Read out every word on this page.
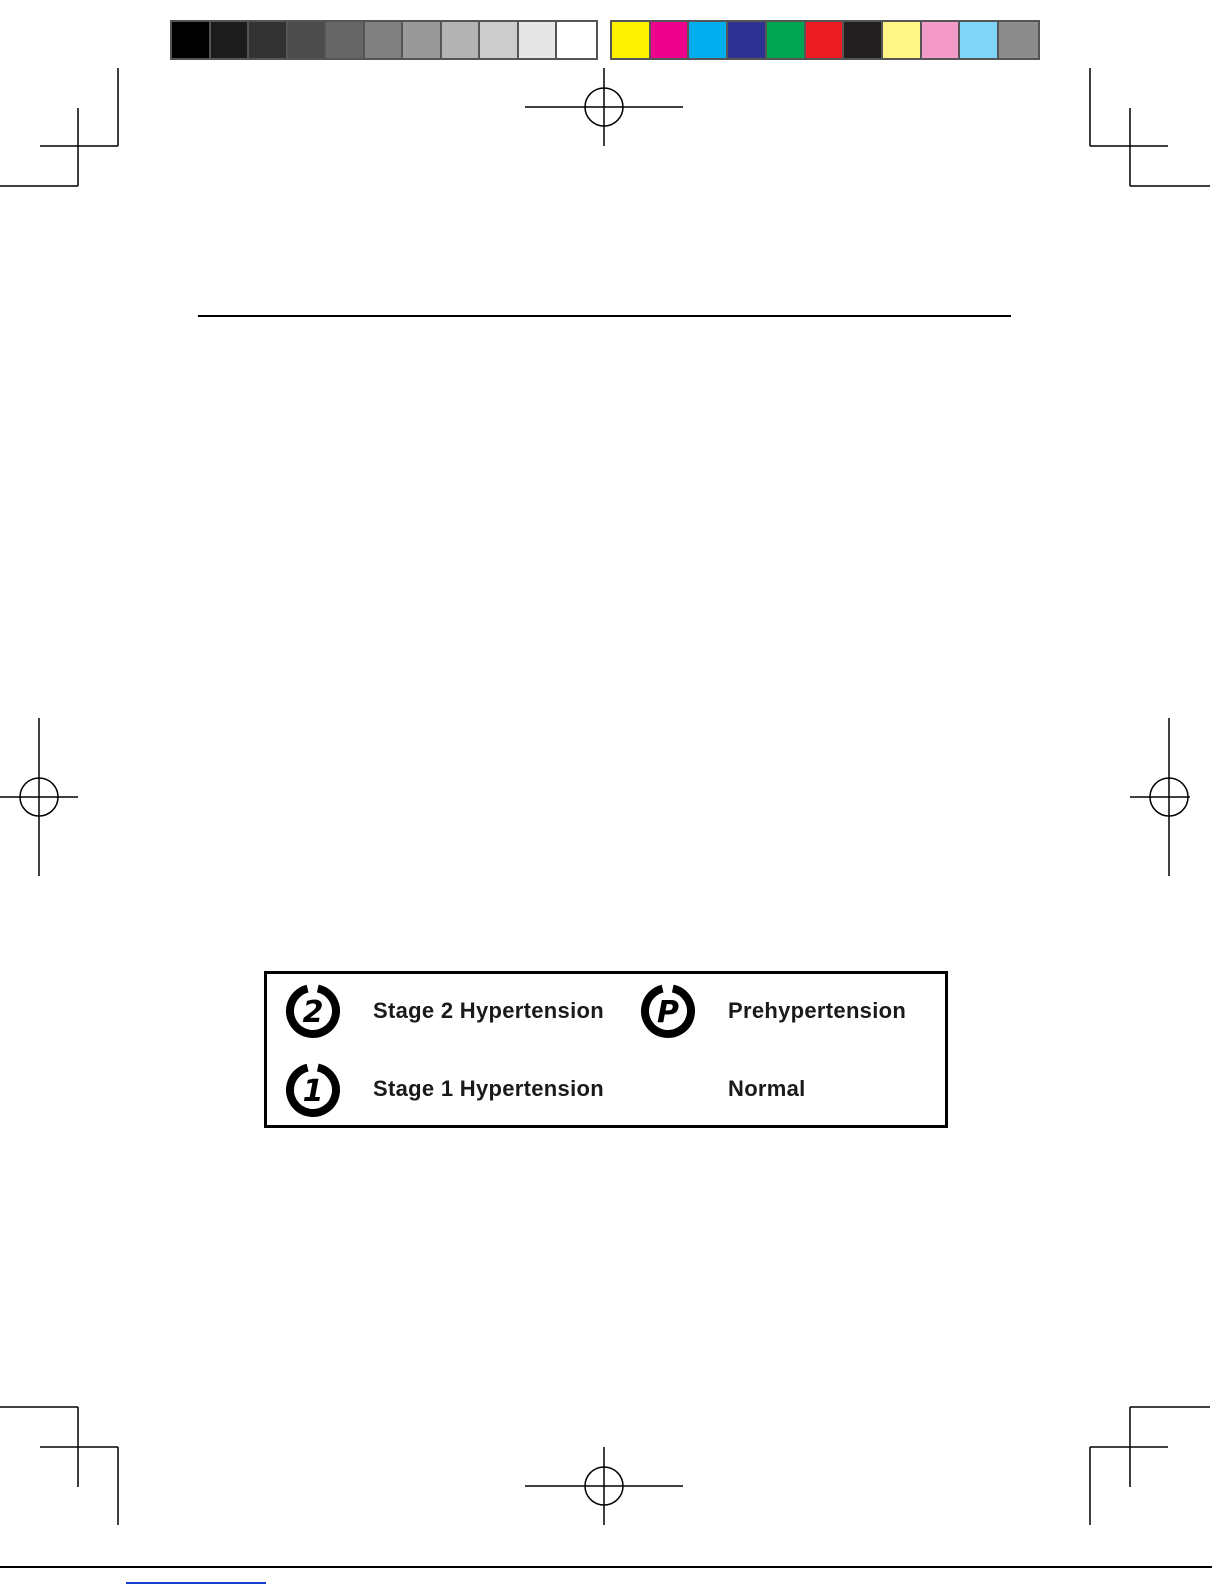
2 Stage 2 Hypertension P Prehypertension
1 Stage 1 Hypertension	Normal
